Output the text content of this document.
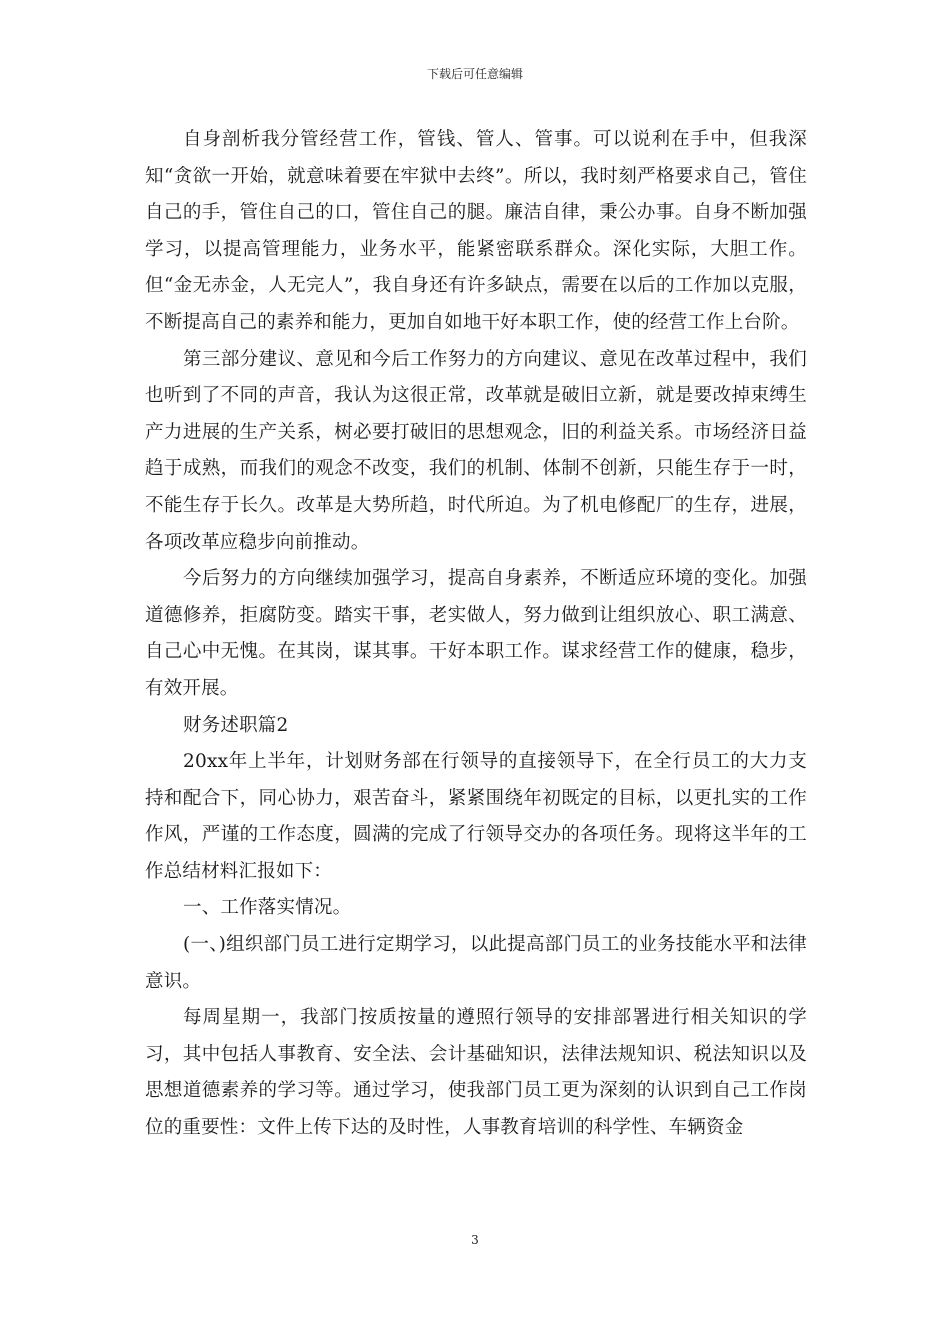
下载后可任意编辑

自身剖析我分管经营工作，管钱、管人、管事。可以说利在手中，但我深知“贪欲一开始，就意味着要在牢狱中去终”。所以，我时刻严格要求自己，管住自己的手，管住自己的口，管住自己的腿。廉洁自律，秉公办事。自身不断加强学习，以提高管理能力，业务水平，能紧密联系群众。深化实际，大胆工作。但“金无赤金，人无完人”，我自身还有许多缺点，需要在以后的工作加以克服，不断提高自己的素养和能力，更加自如地干好本职工作，使的经营工作上台阶。

第三部分建议、意见和今后工作努力的方向建议、意见在改革过程中，我们也听到了不同的声音，我认为这很正常，改革就是破旧立新，就是要改掉束缚生产力进展的生产关系，树必要打破旧的思想观念，旧的利益关系。市场经济日益趋于成熟，而我们的观念不改变，我们的机制、体制不创新，只能生存于一时，不能生存于长久。改革是大势所趋，时代所迫。为了机电修配厂的生存，进展，各项改革应稳步向前推动。

今后努力的方向继续加强学习，提高自身素养，不断适应环境的变化。加强道德修养，拒腐防变。踏实干事，老实做人，努力做到让组织放心、职工满意、自己心中无愧。在其岗，谋其事。干好本职工作。谋求经营工作的健康，稳步，有效开展。

财务述职篇2

20xx年上半年，计划财务部在行领导的直接领导下，在全行员工的大力支持和配合下，同心协力，艰苦奋斗，紧紧围绕年初既定的目标，以更扎实的工作作风，严谨的工作态度，圆满的完成了行领导交办的各项任务。现将这半年的工作总结材料汇报如下：

一、工作落实情况。

(一、)组织部门员工进行定期学习，以此提高部门员工的业务技能水平和法律意识。

每周星期一，我部门按质按量的遵照行领导的安排部署进行相关知识的学习，其中包括人事教育、安全法、会计基础知识，法律法规知识、税法知识以及思想道德素养的学习等。通过学习，使我部门员工更为深刻的认识到自己工作岗位的重要性：文件上传下达的及时性，人事教育培训的科学性、车辆资金

3
